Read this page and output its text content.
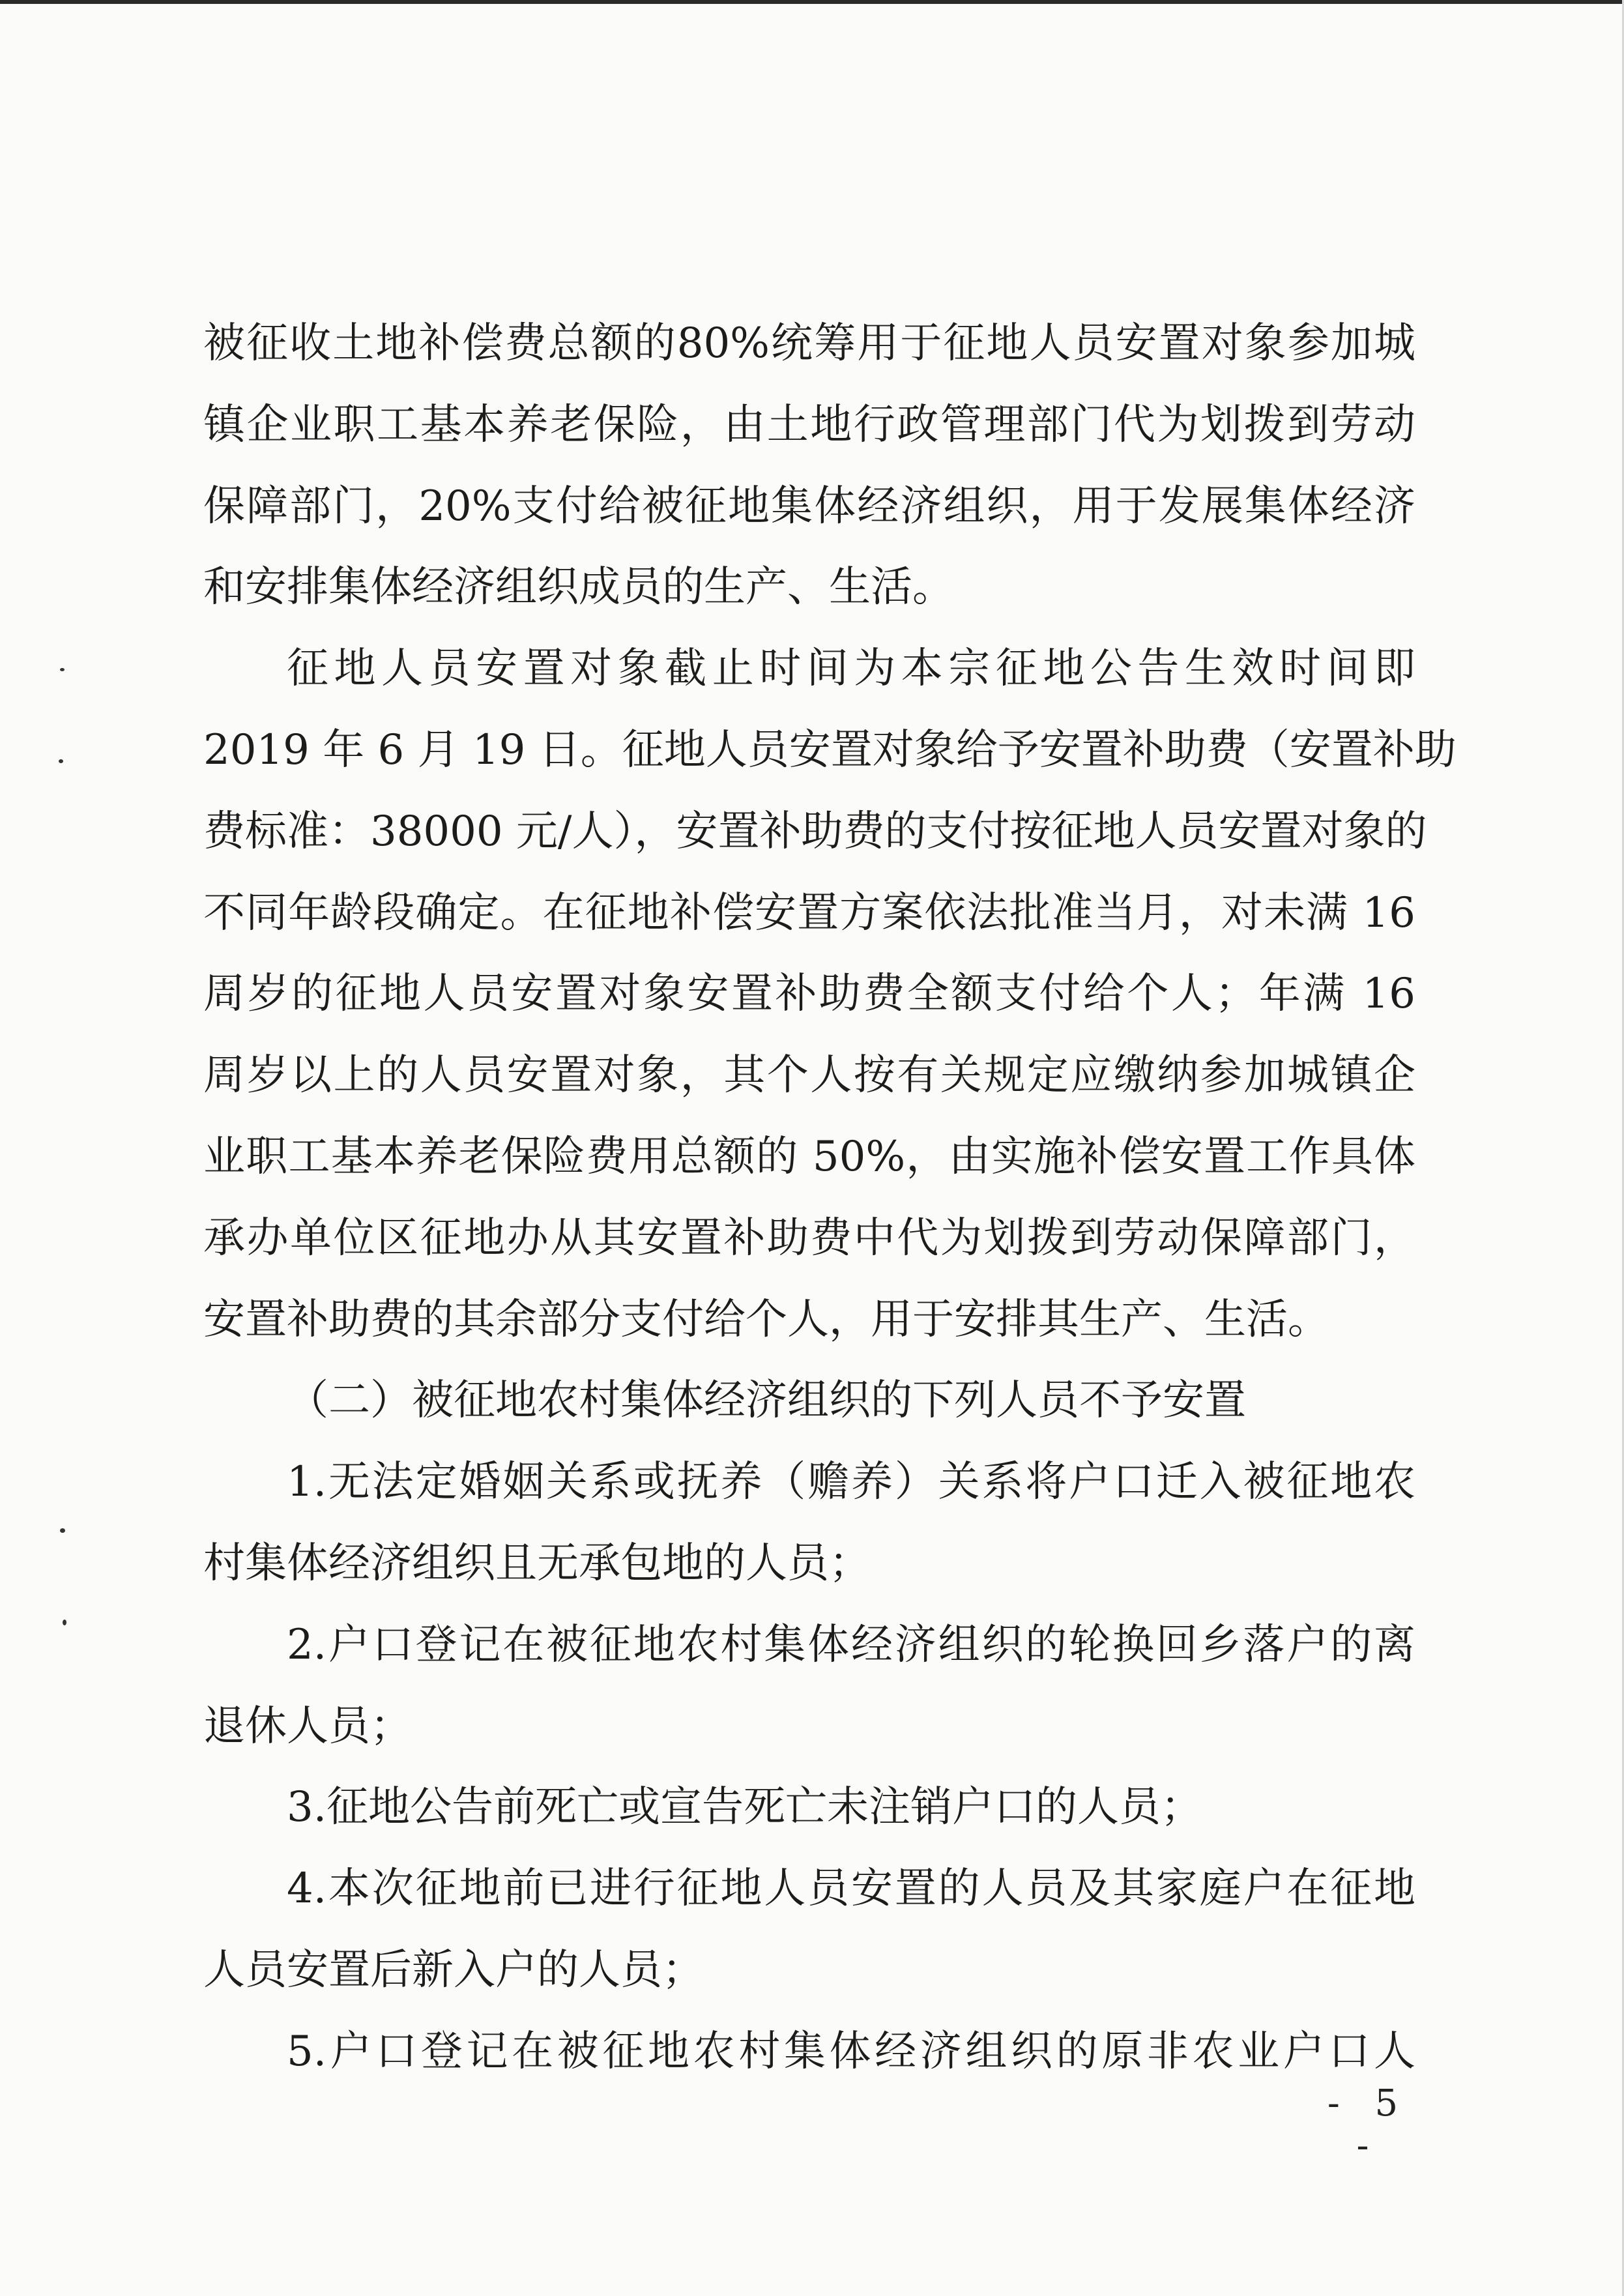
被征收土地补偿费总额的80%统筹用于征地人员安置对象参加城
镇企业职工基本养老保险，由土地行政管理部门代为划拨到劳动
保障部门，20%支付给被征地集体经济组织，用于发展集体经济
和安排集体经济组织成员的生产、生活。
征地人员安置对象截止时间为本宗征地公告生效时间即
2019 年 6 月 19 日。征地人员安置对象给予安置补助费（安置补助
费标准：38000 元/人），安置补助费的支付按征地人员安置对象的
不同年龄段确定。在征地补偿安置方案依法批准当月，对未满 16
周岁的征地人员安置对象安置补助费全额支付给个人；年满 16
周岁以上的人员安置对象，其个人按有关规定应缴纳参加城镇企
业职工基本养老保险费用总额的 50%，由实施补偿安置工作具体
承办单位区征地办从其安置补助费中代为划拨到劳动保障部门，
安置补助费的其余部分支付给个人，用于安排其生产、生活。
（二）被征地农村集体经济组织的下列人员不予安置
1.无法定婚姻关系或抚养（赡养）关系将户口迁入被征地农
村集体经济组织且无承包地的人员；
2.户口登记在被征地农村集体经济组织的轮换回乡落户的离
退休人员；
3.征地公告前死亡或宣告死亡未注销户口的人员；
4.本次征地前已进行征地人员安置的人员及其家庭户在征地
人员安置后新入户的人员；
5.户口登记在被征地农村集体经济组织的原非农业户口人
- 5 -
